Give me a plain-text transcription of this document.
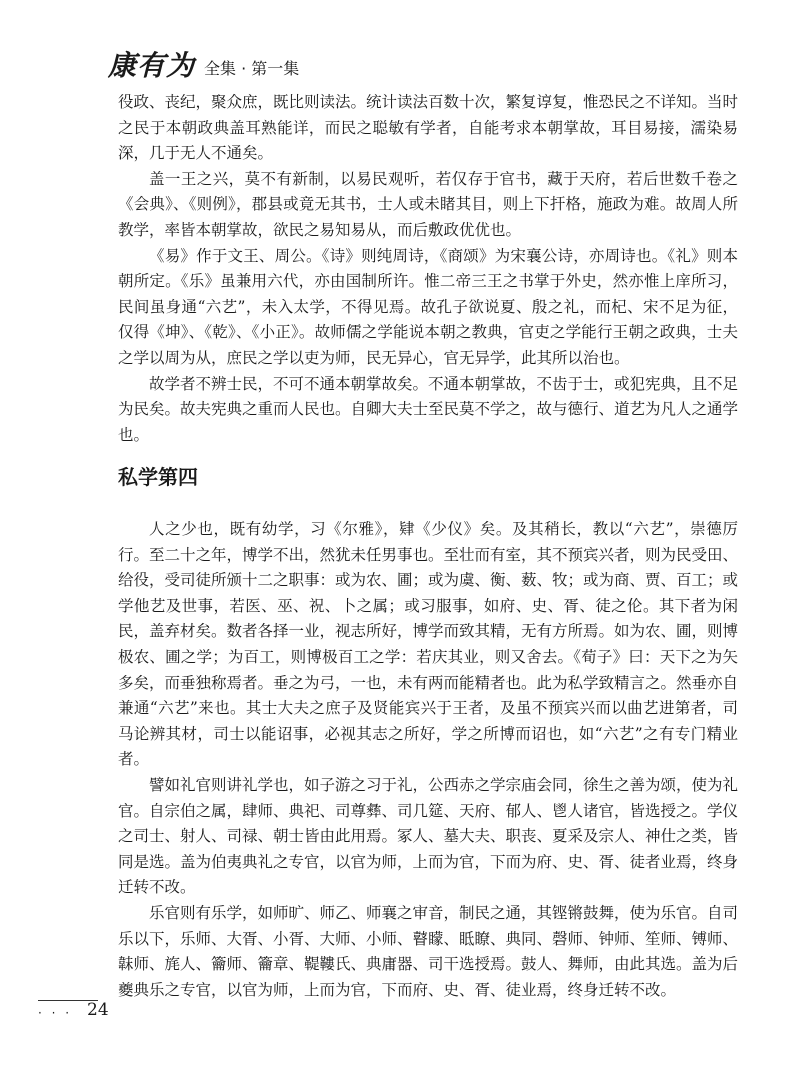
康有为 全集 · 第一集

役政、丧纪，聚众庶，既比则读法。统计读法百数十次，繁复谆复，惟恐民之不详知。当时之民于本朝政典盖耳熟能详，而民之聪敏有学者，自能考求本朝掌故，耳目易接，濡染易深，几于无人不通矣。

盖一王之兴，莫不有新制，以易民观听，若仅存于官书，藏于天府，若后世数千卷之《会典》、《则例》，郡县或竟无其书，士人或未睹其目，则上下扞格，施政为难。故周人所教学，率皆本朝掌故，欲民之易知易从，而后敷政优优也。

《易》作于文王、周公。《诗》则纯周诗，《商颂》为宋襄公诗，亦周诗也。《礼》则本朝所定。《乐》虽兼用六代，亦由国制所许。惟二帝三王之书掌于外史，然亦惟上庠所习，民间虽身通“六艺”，未入太学，不得见焉。故孔子欲说夏、殷之礼，而杞、宋不足为征，仅得《坤》、《乾》、《小正》。故师儒之学能说本朝之教典，官吏之学能行王朝之政典，士夫之学以周为从，庶民之学以吏为师，民无异心，官无异学，此其所以治也。

故学者不辨士民，不可不通本朝掌故矣。不通本朝掌故，不齿于士，或犯宪典，且不足为民矣。故夫宪典之重而人民也。自卿大夫士至民莫不学之，故与德行、道艺为凡人之通学也。

私学第四

人之少也，既有幼学，习《尔雅》，肄《少仪》矣。及其稍长，教以“六艺”，崇德厉行。至二十之年，博学不出，然犹未任男事也。至壮而有室，其不预宾兴者，则为民受田、给役，受司徒所颁十二之职事：或为农、圃；或为虞、衡、薮、牧；或为商、贾、百工；或学他艺及世事，若医、巫、祝、卜之属；或习服事，如府、史、胥、徒之伦。其下者为闲民，盖弃材矣。数者各择一业，视志所好，博学而致其精，无有方所焉。如为农、圃，则博极农、圃之学；为百工，则博极百工之学：若庆其业，则又舍去。《荀子》曰：天下之为矢多矣，而垂独称焉者。垂之为弓，一也，未有两而能精者也。此为私学致精言之。然垂亦自兼通“六艺”来也。其士大夫之庶子及贤能宾兴于王者，及虽不预宾兴而以曲艺进第者，司马论辨其材，司士以能诏事，必视其志之所好，学之所博而诏也，如“六艺”之有专门精业者。

譬如礼官则讲礼学也，如子游之习于礼，公西赤之学宗庙会同，徐生之善为颂，使为礼官。自宗伯之属，肆师、典祀、司尊彝、司几筵、天府、郁人、鬯人诸官，皆选授之。学仪之司士、射人、司禄、朝士皆由此用焉。冢人、墓大夫、职丧、夏采及宗人、神仕之类，皆同是选。盖为伯夷典礼之专官，以官为师，上而为官，下而为府、史、胥、徒者业焉，终身迁转不改。

乐官则有乐学，如师旷、师乙、师襄之审音，制民之通，其铿锵鼓舞，使为乐官。自司乐以下，乐师、大胥、小胥、大师、小师、瞽矇、眡瞭、典同、磬师、钟师、笙师、镈师、韎师、旄人、籥师、籥章、鞮鞻氏、典庸器、司干选授焉。鼓人、舞师，由此其选。盖为后夔典乐之专官，以官为师，上而为官，下而府、史、胥、徒业焉，终身迁转不改。

· · · 24
